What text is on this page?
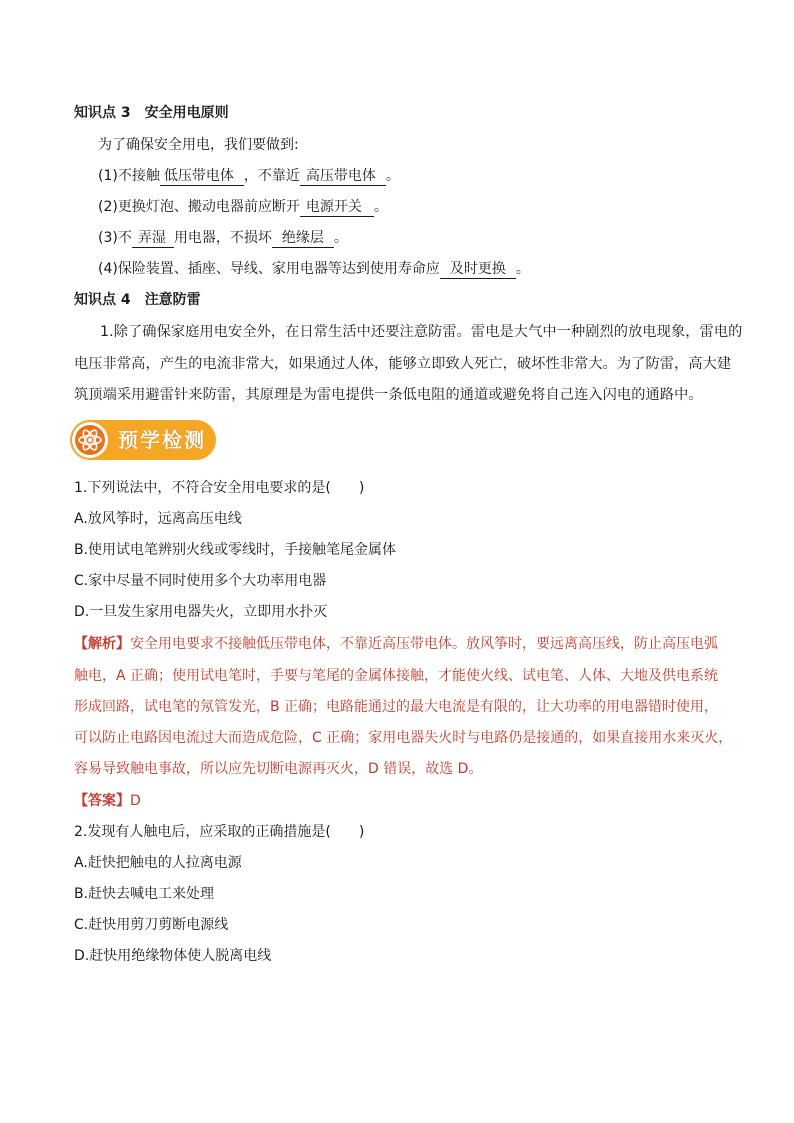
知识点 3　安全用电原则
为了确保安全用电，我们要做到:
(1)不接触 低压带电体 ，不靠近 高压带电体 。
(2)更换灯泡、搬动电器前应断开 电源开关 。
(3)不 弄湿 用电器，不损坏 绝缘层 。
(4)保险装置、插座、导线、家用电器等达到使用寿命应 及时更换 。
知识点 4　注意防雷
1.除了确保家庭用电安全外，在日常生活中还要注意防雷。雷电是大气中一种剧烈的放电现象，雷电的
电压非常高，产生的电流非常大，如果通过人体，能够立即致人死亡，破坏性非常大。为了防雷，高大建
筑顶端采用避雷针来防雷，其原理是为雷电提供一条低电阻的通道或避免将自己连入闪电的通路中。
预学检测
1.下列说法中，不符合安全用电要求的是(　　)
A.放风筝时，远离高压电线
B.使用试电笔辨别火线或零线时，手接触笔尾金属体
C.家中尽量不同时使用多个大功率用电器
D.一旦发生家用电器失火，立即用水扑灭
【解析】安全用电要求不接触低压带电体，不靠近高压带电体。放风筝时，要远离高压线，防止高压电弧
触电，A 正确；使用试电笔时，手要与笔尾的金属体接触，才能使火线、试电笔、人体、大地及供电系统
形成回路，试电笔的氖管发光，B 正确；电路能通过的最大电流是有限的，让大功率的用电器错时使用，
可以防止电路因电流过大而造成危险，C 正确；家用电器失火时与电路仍是接通的，如果直接用水来灭火，
容易导致触电事故，所以应先切断电源再灭火，D 错误，故选 D。
【答案】D
2.发现有人触电后，应采取的正确措施是(　　)
A.赶快把触电的人拉离电源
B.赶快去喊电工来处理
C.赶快用剪刀剪断电源线
D.赶快用绝缘物体使人脱离电线
